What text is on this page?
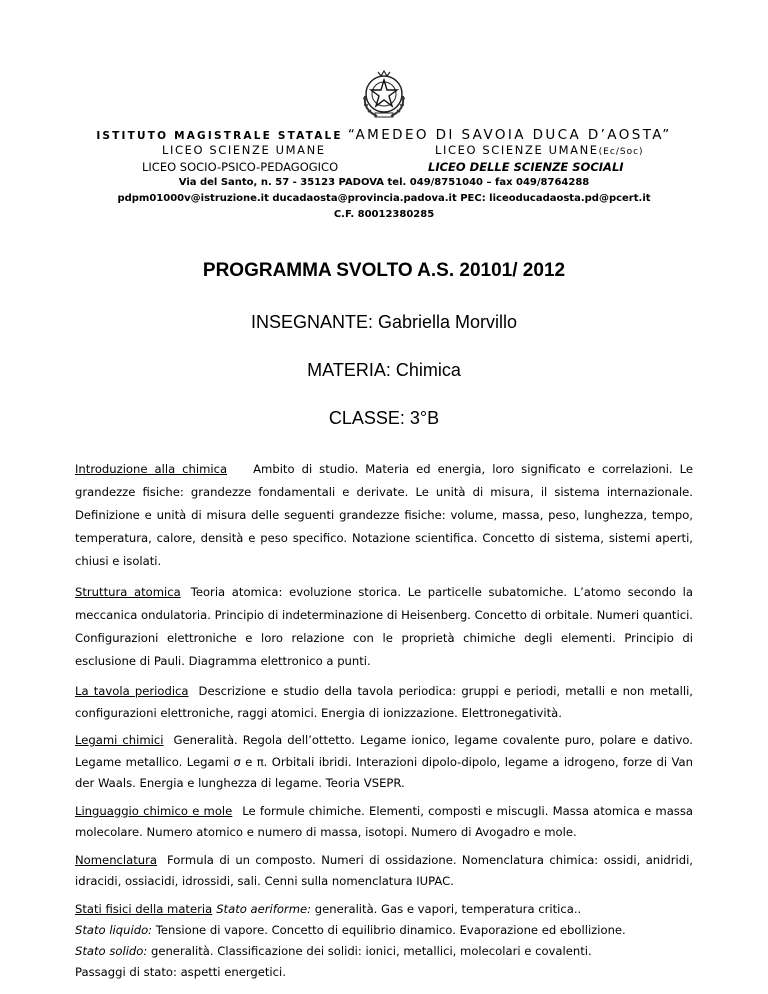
ISTITUTO MAGISTRALE STATALE “AMEDEO DI SAVOIA DUCA D’AOSTA”
LICEO SCIENZE UMANE	LICEO SCIENZE UMANE(Ec/Soc)
LICEO SOCIO-PSICO-PEDAGOGICO	LICEO DELLE SCIENZE SOCIALI
Via del Santo, n. 57 - 35123 PADOVA tel. 049/8751040 – fax 049/8764288
pdpm01000v@istruzione.it ducadaosta@provincia.padova.it PEC: liceoducadaosta.pd@pcert.it
C.F. 80012380285
PROGRAMMA SVOLTO A.S. 20101/ 2012
INSEGNANTE: Gabriella Morvillo
MATERIA: Chimica
CLASSE: 3°B

Introduzione alla chimica Ambito di studio. Materia ed energia, loro significato e correlazioni. Le grandezze fisiche: grandezze fondamentali e derivate. Le unità di misura, il sistema internazionale. Definizione e unità di misura delle seguenti grandezze fisiche: volume, massa, peso, lunghezza, tempo, temperatura, calore, densità e peso specifico. Notazione scientifica. Concetto di sistema, sistemi aperti, chiusi e isolati.

Struttura atomica Teoria atomica: evoluzione storica. Le particelle subatomiche. L’atomo secondo la meccanica ondulatoria. Principio di indeterminazione di Heisenberg. Concetto di orbitale. Numeri quantici. Configurazioni elettroniche e loro relazione con le proprietà chimiche degli elementi. Principio di esclusione di Pauli. Diagramma elettronico a punti.

La tavola periodica Descrizione e studio della tavola periodica: gruppi e periodi, metalli e non metalli, configurazioni elettroniche, raggi atomici. Energia di ionizzazione. Elettronegatività.

Legami chimici Generalità. Regola dell’ottetto. Legame ionico, legame covalente puro, polare e dativo. Legame metallico. Legami σ e π. Orbitali ibridi. Interazioni dipolo-dipolo, legame a idrogeno, forze di Van der Waals. Energia e lunghezza di legame. Teoria VSEPR.

Linguaggio chimico e mole Le formule chimiche. Elementi, composti e miscugli. Massa atomica e massa molecolare. Numero atomico e numero di massa, isotopi. Numero di Avogadro e mole.

Nomenclatura Formula di un composto. Numeri di ossidazione. Nomenclatura chimica: ossidi, anidridi, idracidi, ossiacidi, idrossidi, sali. Cenni sulla nomenclatura IUPAC.

Stati fisici della materia Stato aeriforme: generalità. Gas e vapori, temperatura critica..
Stato liquido: Tensione di vapore. Concetto di equilibrio dinamico. Evaporazione ed ebollizione.
Stato solido: generalità. Classificazione dei solidi: ionici, metallici, molecolari e covalenti.
Passaggi di stato: aspetti energetici.
